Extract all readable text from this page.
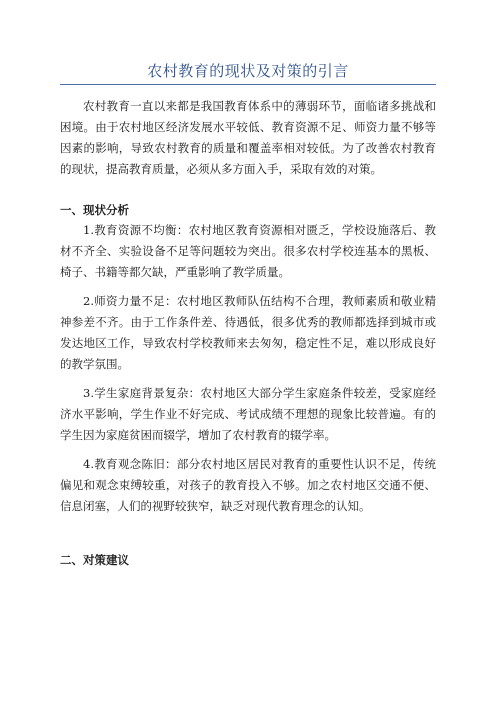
农村教育的现状及对策的引言

农村教育一直以来都是我国教育体系中的薄弱环节，面临诸多挑战和困境。由于农村地区经济发展水平较低、教育资源不足、师资力量不够等因素的影响，导致农村教育的质量和覆盖率相对较低。为了改善农村教育的现状，提高教育质量，必须从多方面入手，采取有效的对策。

一、现状分析

1.教育资源不均衡：农村地区教育资源相对匮乏，学校设施落后、教材不齐全、实验设备不足等问题较为突出。很多农村学校连基本的黑板、椅子、书籍等都欠缺，严重影响了教学质量。

2.师资力量不足：农村地区教师队伍结构不合理，教师素质和敬业精神参差不齐。由于工作条件差、待遇低，很多优秀的教师都选择到城市或发达地区工作，导致农村学校教师来去匆匆，稳定性不足，难以形成良好的教学氛围。

3.学生家庭背景复杂：农村地区大部分学生家庭条件较差，受家庭经济水平影响，学生作业不好完成、考试成绩不理想的现象比较普遍。有的学生因为家庭贫困而辍学，增加了农村教育的辍学率。

4.教育观念陈旧：部分农村地区居民对教育的重要性认识不足，传统偏见和观念束缚较重，对孩子的教育投入不够。加之农村地区交通不便、信息闭塞，人们的视野较狭窄，缺乏对现代教育理念的认知。

二、对策建议
